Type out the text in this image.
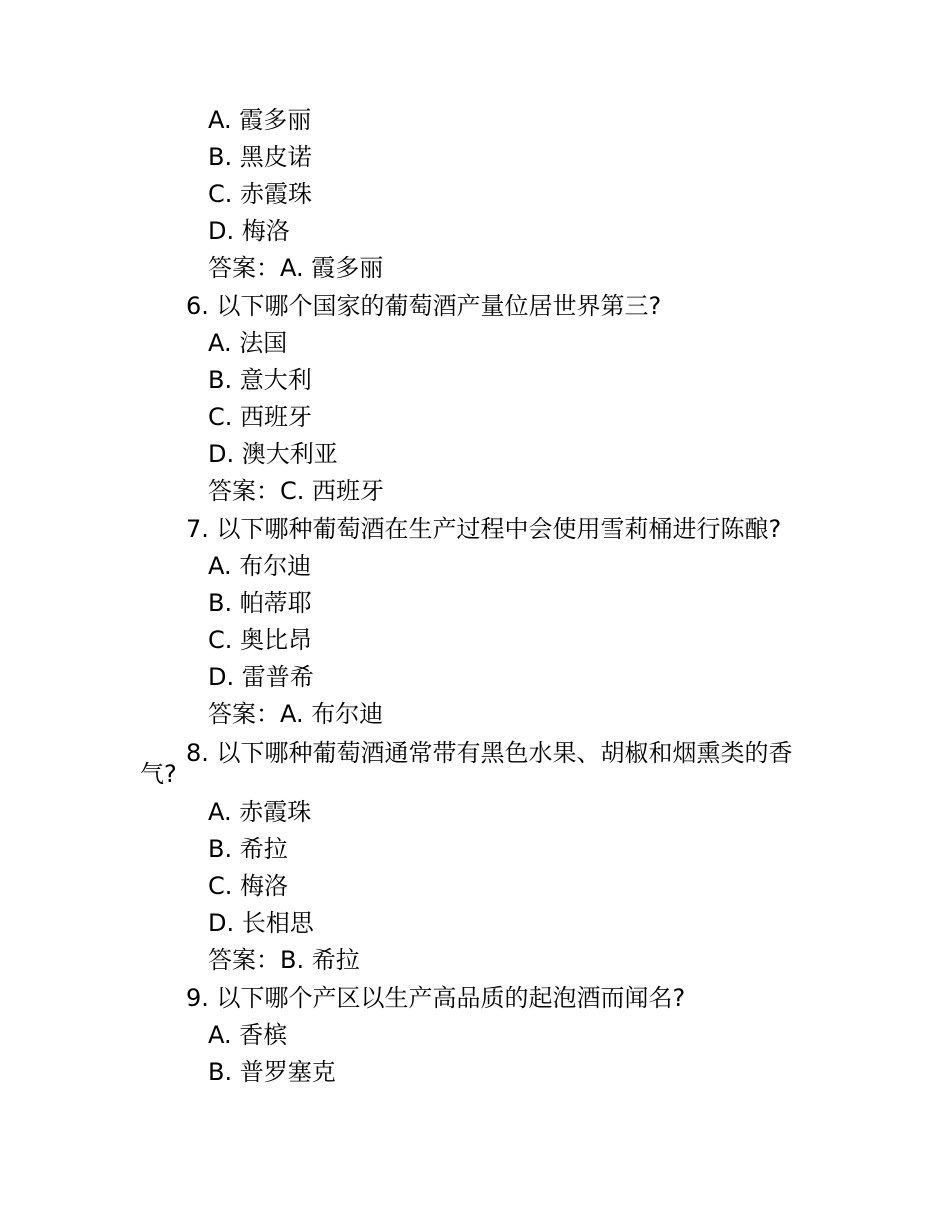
A. 霞多丽
B. 黑皮诺
C. 赤霞珠
D. 梅洛
答案：A. 霞多丽
6. 以下哪个国家的葡萄酒产量位居世界第三?
A. 法国
B. 意大利
C. 西班牙
D. 澳大利亚
答案：C. 西班牙
7. 以下哪种葡萄酒在生产过程中会使用雪莉桶进行陈酿?
A. 布尔迪
B. 帕蒂耶
C. 奥比昂
D. 雷普希
答案：A. 布尔迪
8. 以下哪种葡萄酒通常带有黑色水果、胡椒和烟熏类的香
气?
A. 赤霞珠
B. 希拉
C. 梅洛
D. 长相思
答案：B. 希拉
9. 以下哪个产区以生产高品质的起泡酒而闻名?
A. 香槟
B. 普罗塞克
